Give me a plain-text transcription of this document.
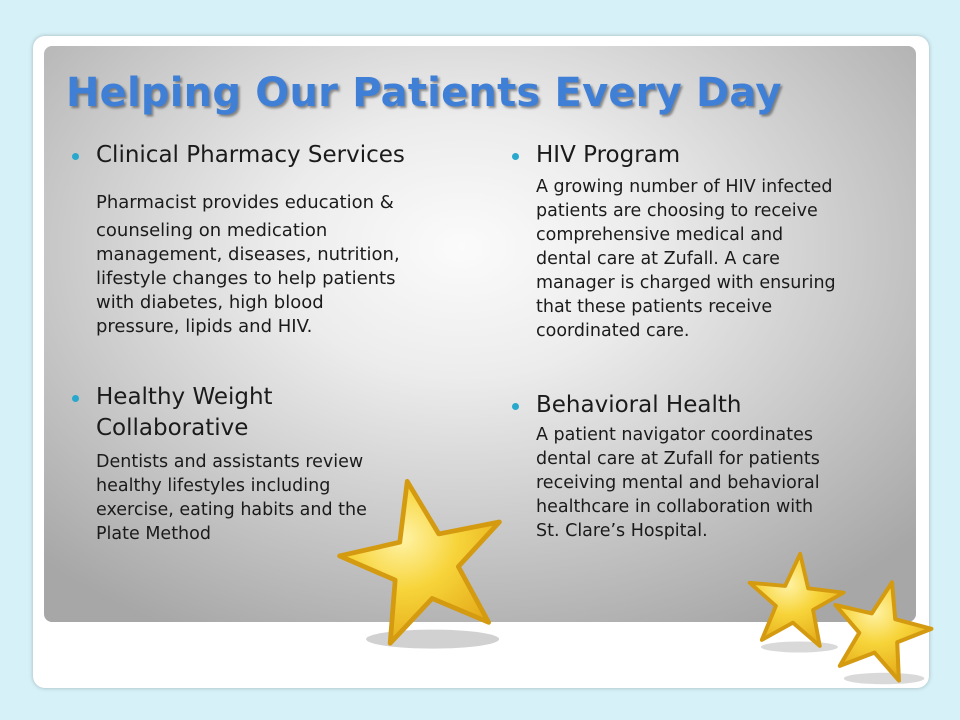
Helping Our Patients Every Day
Clinical Pharmacy Services
Pharmacist provides education &
counseling on medication
management, diseases, nutrition,
lifestyle changes to help patients
with diabetes, high blood
pressure, lipids and HIV.
Healthy Weight
Collaborative
Dentists and assistants review
healthy lifestyles including
exercise, eating habits and the
Plate Method
HIV Program
A growing number of HIV infected
patients are choosing to receive
comprehensive medical and
dental care at Zufall. A care
manager is charged with ensuring
that these patients receive
coordinated care.
Behavioral Health
A patient navigator coordinates
dental care at Zufall for patients
receiving mental and behavioral
healthcare in collaboration with
St. Clare’s Hospital.
